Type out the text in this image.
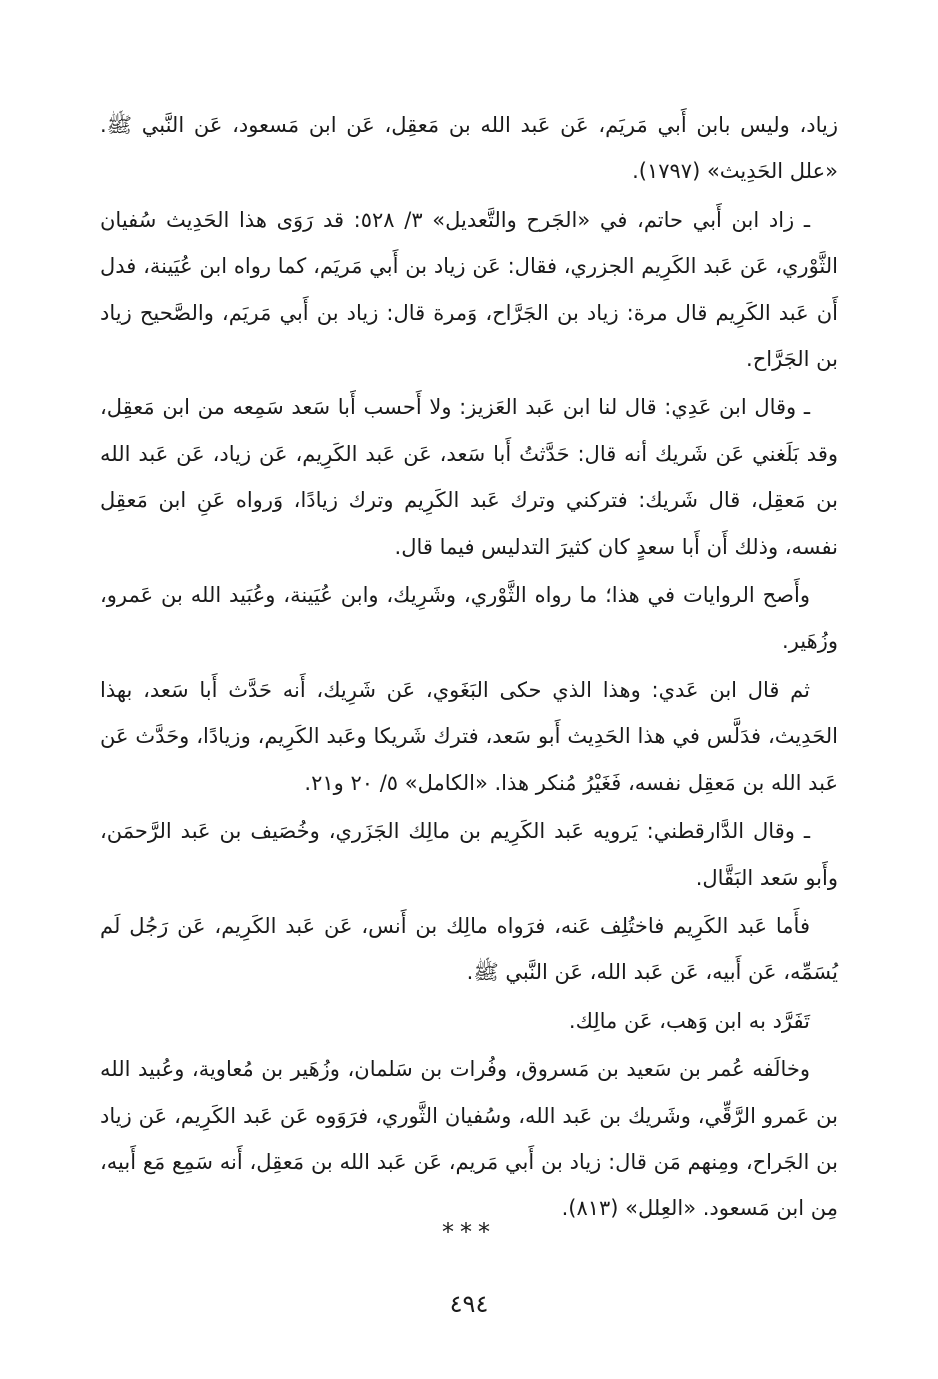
زياد، وليس بابن أَبي مَريَم، عَن عَبد الله بن مَعقِل، عَن ابن مَسعود، عَن النَّبي ﷺ. «علل الحَدِيث» (١٧٩٧).

ـ زاد ابن أَبي حاتم، في «الجَرح والتَّعديل» ٣/ ٥٢٨: قد رَوَى هذا الحَدِيث سُفيان الثَّوْري، عَن عَبد الكَرِيم الجزري، فقال: عَن زياد بن أَبي مَريَم، كما رواه ابن عُيَينة، فدل أَن عَبد الكَرِيم قال مرة: زياد بن الجَرَّاح، وَمرة قال: زياد بن أَبي مَريَم، والصَّحيح زياد بن الجَرَّاح.

ـ وقال ابن عَدِي: قال لنا ابن عَبد العَزيز: ولا أَحسب أَبا سَعد سَمِعه من ابن مَعقِل، وقد بَلَغني عَن شَريك أنه قال: حَدَّثتُ أَبا سَعد، عَن عَبد الكَرِيم، عَن زياد، عَن عَبد الله بن مَعقِل، قال شَريك: فتركني وترك عَبد الكَرِيم وترك زيادًا، وَرواه عَنِ ابن مَعقِل نفسه، وذلك أَن أَبا سعدٍ كان كثيرَ التدليس فيما قال.

وأَصح الروايات في هذا؛ ما رواه الثَّوْري، وشَرِيك، وابن عُيَينة، وعُبَيد الله بن عَمرو، وزُهَير.

ثم قال ابن عَدي: وهذا الذي حكى البَغَوي، عَن شَرِيك، أَنه حَدَّث أَبا سَعد، بهذا الحَدِيث، فدَلَّس في هذا الحَدِيث أَبو سَعد، فترك شَريكا وعَبد الكَرِيم، وزيادًا، وحَدَّث عَن عَبد الله بن مَعقِل نفسه، فَغَيْرُ مُنكر هذا. «الكامل» ٥/ ٢٠ و٢١.

ـ وقال الدَّارقطني: يَرويه عَبد الكَرِيم بن مالِك الجَزَري، وخُصَيف بن عَبد الرَّحمَن، وأَبو سَعد البَقَّال.

فأَما عَبد الكَرِيم فاختُلِف عَنه، فرَواه مالِك بن أَنس، عَن عَبد الكَرِيم، عَن رَجُل لَم يُسَمِّه، عَن أَبيه، عَن عَبد الله، عَن النَّبي ﷺ.

تَفَرَّد به ابن وَهب، عَن مالِك.

وخالَفه عُمر بن سَعيد بن مَسروق، وفُرات بن سَلمان، وزُهَير بن مُعاوية، وعُبيد الله بن عَمرو الرَّقِّي، وشَريك بن عَبد الله، وسُفيان الثَّوري، فرَوَوه عَن عَبد الكَرِيم، عَن زياد بن الجَراح، ومِنهم مَن قال: زياد بن أَبي مَريم، عَن عَبد الله بن مَعقِل، أَنه سَمِع مَع أَبيه، مِن ابن مَسعود. «العِلل» (٨١٣).

***
٤٩٤
